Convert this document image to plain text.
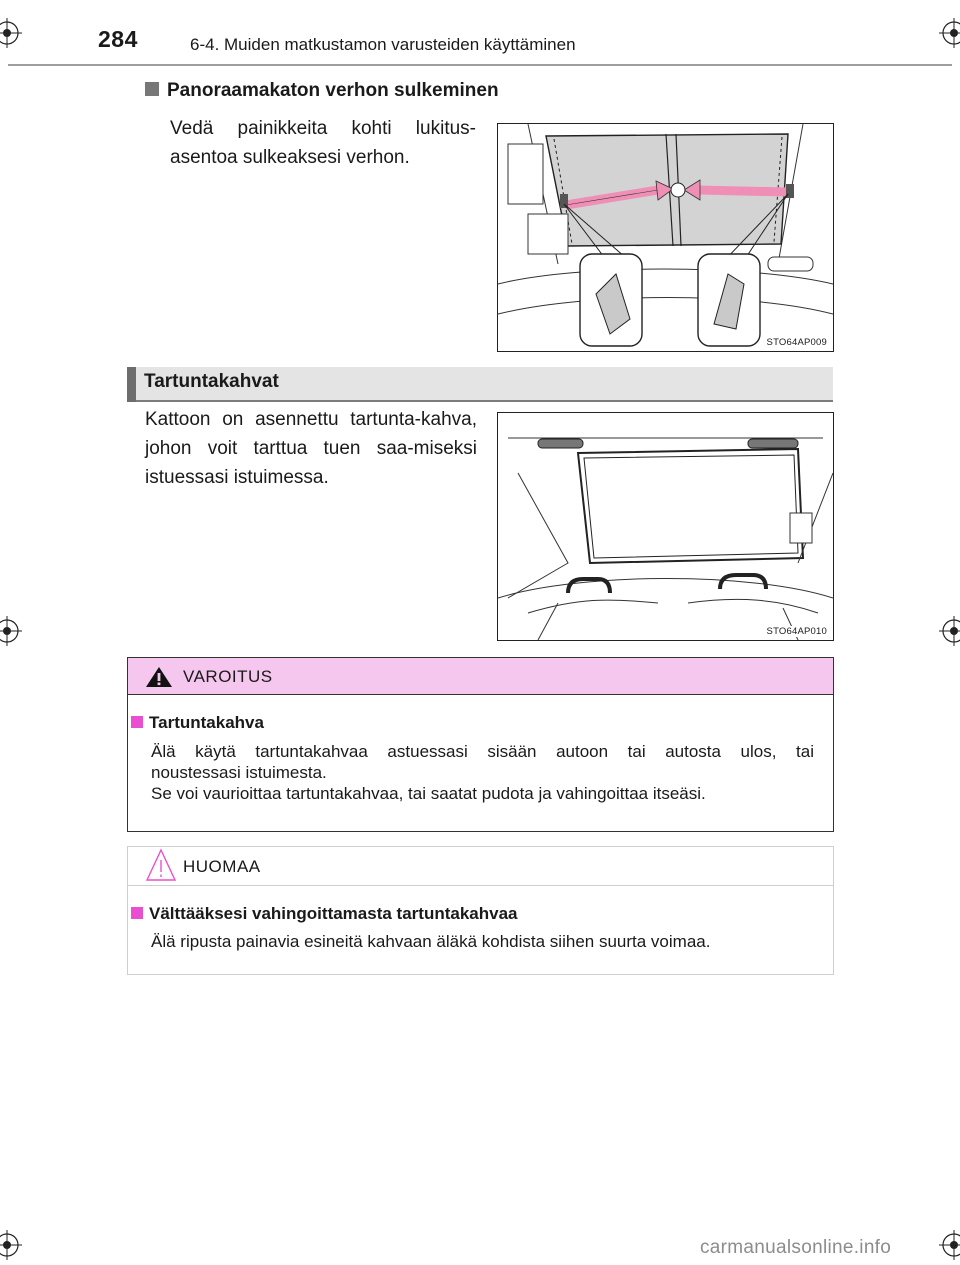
284	6-4. Muiden matkustamon varusteiden käyttäminen
Panoraamakaton verhon sulkeminen
Vedä painikkeita kohti lukitus-asentoa sulkeaksesi verhon.
STO64AP009
Tartuntakahvat
Kattoon on asennettu tartunta-kahva, johon voit tarttua tuen saa-miseksi istuessasi istuimessa.
STO64AP010
VAROITUS
Tartuntakahva
Älä käytä tartuntakahvaa astuessasi sisään autoon tai autosta ulos, tai
noustessasi istuimesta.
Se voi vaurioittaa tartuntakahvaa, tai saatat pudota ja vahingoittaa itseäsi.
HUOMAA
Välttääksesi vahingoittamasta tartuntakahvaa
Älä ripusta painavia esineitä kahvaan äläkä kohdista siihen suurta voimaa.
carmanualsonline.info
